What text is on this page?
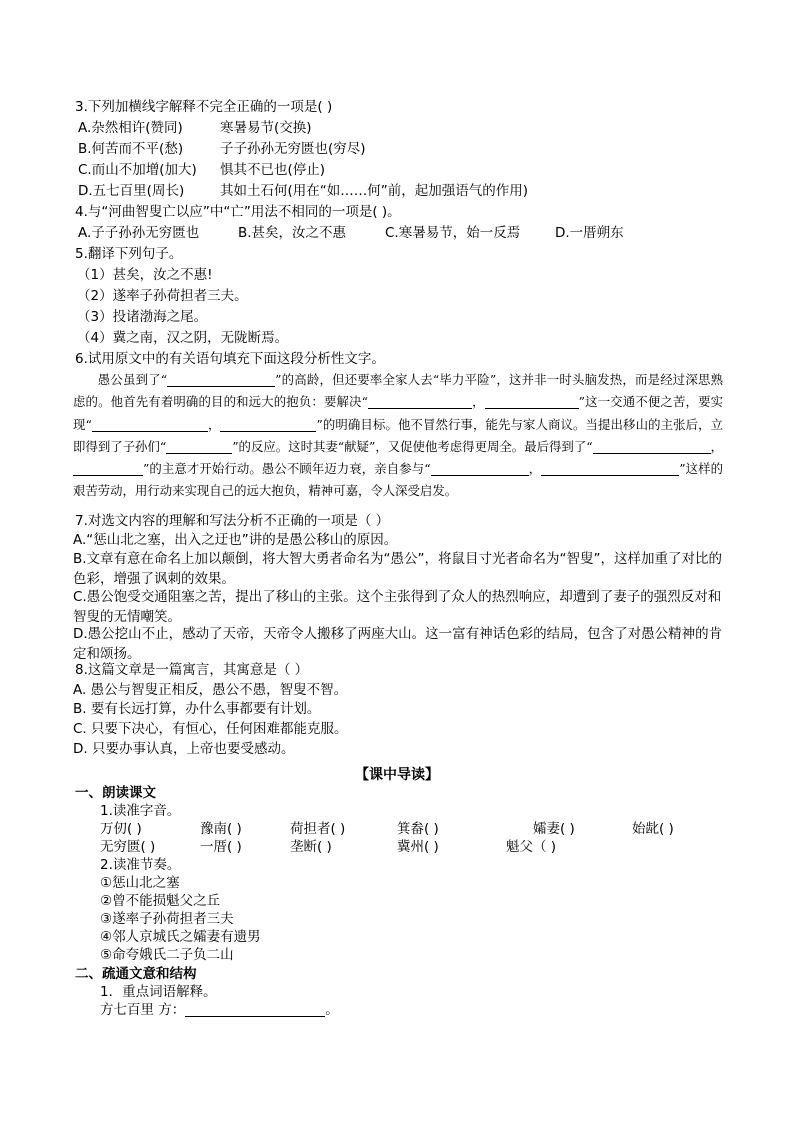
3.下列加横线字解释不完全正确的一项是( )
A.杂然相许(赞同)	寒暑易节(交换)
B.何苦而不平(愁)	子子孙孙无穷匮也(穷尽)
C.而山不加增(加大) 惧其不已也(停止)
D.五七百里(周长)	其如土石何(用在“如……何”前，起加强语气的作用)
4.与“河曲智叟亡以应”中“亡”用法不相同的一项是( )。
A.子子孙孙无穷匮也	B.甚矣，汝之不惠	C.寒暑易节，始一反焉	D.一厝朔东
5.翻译下列句子。
（1）甚矣，汝之不惠!
（2）遂率子孙荷担者三夫。
（3）投诸渤海之尾。
（4）冀之南，汉之阴，无陇断焉。
6.试用原文中的有关语句填充下面这段分析性文字。

愚公虽到了“	”的高龄，但还要率全家人去“毕力平险”，这并非一时头脑发热，而是经过深思熟虑的。他首先有着明确的目的和远大的抱负：要解决“	，	”这一交通不便之苦，要实现“	，	”的明确目标。他不冒然行事，能先与家人商议。当提出移山的主张后，立即得到了子孙们“	”的反应。这时其妻“献疑”，又促使他考虑得更周全。最后得到了“	，”的主意才开始行动。愚公不顾年迈力衰，亲自参与“	，	”这样的艰苦劳动，用行动来实现自己的远大抱负，精神可嘉，令人深受启发。

7.对选文内容的理解和写法分析不正确的一项是（ ）
A.“惩山北之塞，出入之迂也”讲的是愚公移山的原因。
B.文章有意在命名上加以颠倒，将大智大勇者命名为“愚公”，将鼠目寸光者命名为“智叟”，这样加重了对比的色彩，增强了讽刺的效果。
C.愚公饱受交通阻塞之苦，提出了移山的主张。这个主张得到了众人的热烈响应，却遭到了妻子的强烈反对和智叟的无情嘲笑。
D.愚公挖山不止，感动了天帝，天帝令人搬移了两座大山。这一富有神话色彩的结局，包含了对愚公精神的肯定和颂扬。
8.这篇文章是一篇寓言，其寓意是（ ）
A. 愚公与智叟正相反，愚公不愚，智叟不智。
B. 要有长远打算，办什么事都要有计划。
C. 只要下决心，有恒心，任何困难都能克服。
D. 只要办事认真，上帝也要受感动。
【课中导读】
一、朗读课文
1.读准字音。
万仞( )	豫南( )	荷担者( )	箕畚( )	孀妻( )	始龀( )
无穷匮( )	一厝( )	垄断( )	冀州( )	魁父（ )
2.读准节奏。
①惩山北之塞
②曾不能损魁父之丘
③遂率子孙荷担者三夫
④邻人京城氏之孀妻有遗男
⑤命夸娥氏二子负二山
二、疏通文意和结构
1．重点词语解释。
方七百里 方：	。
